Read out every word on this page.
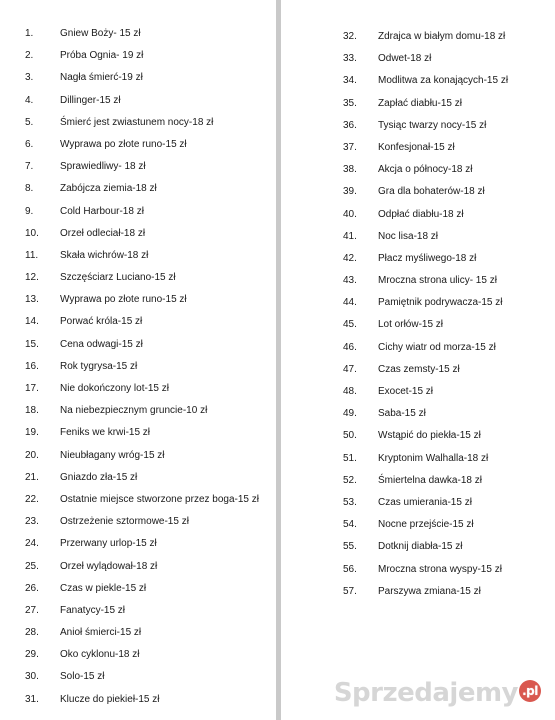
1.	Gniew Boży- 15 zł
2.	Próba Ognia- 19 zł
3.	Nagła śmierć-19 zł
4.	Dillinger-15 zł
5.	Śmierć jest zwiastunem nocy-18 zł
6.	Wyprawa po złote runo-15 zł
7.	Sprawiedliwy- 18 zł
8.	Zabójcza ziemia-18 zł
9.	Cold Harbour-18 zł
10. Orzeł odleciał-18 zł
11. Skała wichrów-18 zł
12. Szczęściarz Luciano-15 zł
13. Wyprawa po złote runo-15 zł
14. Porwać króla-15 zł
15. Cena odwagi-15 zł
16. Rok tygrysa-15 zł
17. Nie dokończony lot-15 zł
18. Na niebezpiecznym gruncie-10 zł
19. Feniks we krwi-15 zł
20. Nieubłagany wróg-15 zł
21. Gniazdo zła-15 zł
22. Ostatnie miejsce stworzone przez boga-15 zł
23. Ostrzeżenie sztormowe-15 zł
24. Przerwany urlop-15 zł
25. Orzeł wylądował-18 zł
26. Czas w piekle-15 zł
27. Fanatycy-15 zł
28. Anioł śmierci-15 zł
29. Oko cyklonu-18 zł
30. Solo-15 zł
31. Klucze do piekieł-15 zł
32. Zdrajca w białym domu-18 zł
33. Odwet-18 zł
34. Modlitwa za konających-15 zł
35. Zapłać diabłu-15 zł
36. Tysiąc twarzy nocy-15 zł
37. Konfesjonał-15 zł
38. Akcja o północy-18 zł
39. Gra dla bohaterów-18 zł
40. Odpłać diabłu-18 zł
41. Noc lisa-18 zł
42. Płacz myśliwego-18 zł
43. Mroczna strona ulicy- 15 zł
44. Pamiętnik podrywacza-15 zł
45. Lot orłów-15 zł
46. Cichy wiatr od morza-15 zł
47. Czas zemsty-15 zł
48. Exocet-15 zł
49. Saba-15 zł
50. Wstąpić do piekła-15 zł
51. Kryptonim Walhalla-18 zł
52. Śmiertelna dawka-18 zł
53. Czas umierania-15 zł
54. Nocne przejście-15 zł
55. Dotknij diabła-15 zł
56. Mroczna strona wyspy-15 zł
57. Parszywa zmiana-15 zł
Sprzedajemy .pl
